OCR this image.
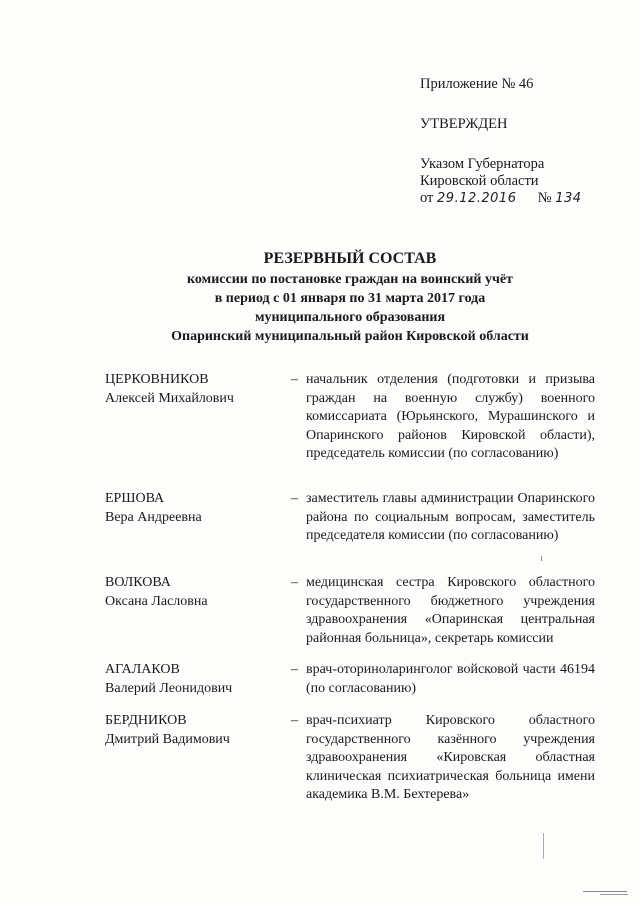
Приложение № 46
УТВЕРЖДЕН
Указом Губернатора
Кировской области
от 29.12.2016 № 134
РЕЗЕРВНЫЙ СОСТАВ
комиссии по постановке граждан на воинский учёт
в период с 01 января по 31 марта 2017 года
муниципального образования
Опаринский муниципальный район Кировской области
ЦЕРКОВНИКОВ
Алексей Михайлович
– начальник отделения (подготовки и призыва граждан на военную службу) военного комиссариата (Юрьянского, Мурашинского и Опаринского районов Кировской области), председатель комиссии (по согласованию)
ЕРШОВА
Вера Андреевна
– заместитель главы администрации Опаринского района по социальным вопросам, заместитель председателя комиссии (по согласованию)
ВОЛКОВА
Оксана Ласловна
– медицинская сестра Кировского областного государственного бюджетного учреждения здравоохранения «Опаринская центральная районная больница», секретарь комиссии
АГАЛАКОВ
Валерий Леонидович
– врач-оториноларинголог войсковой части 46194 (по согласованию)
БЕРДНИКОВ
Дмитрий Вадимович
– врач-психиатр Кировского областного государственного казённого учреждения здравоохранения «Кировская областная клиническая психиатрическая больница имени академика В.М. Бехтерева»
